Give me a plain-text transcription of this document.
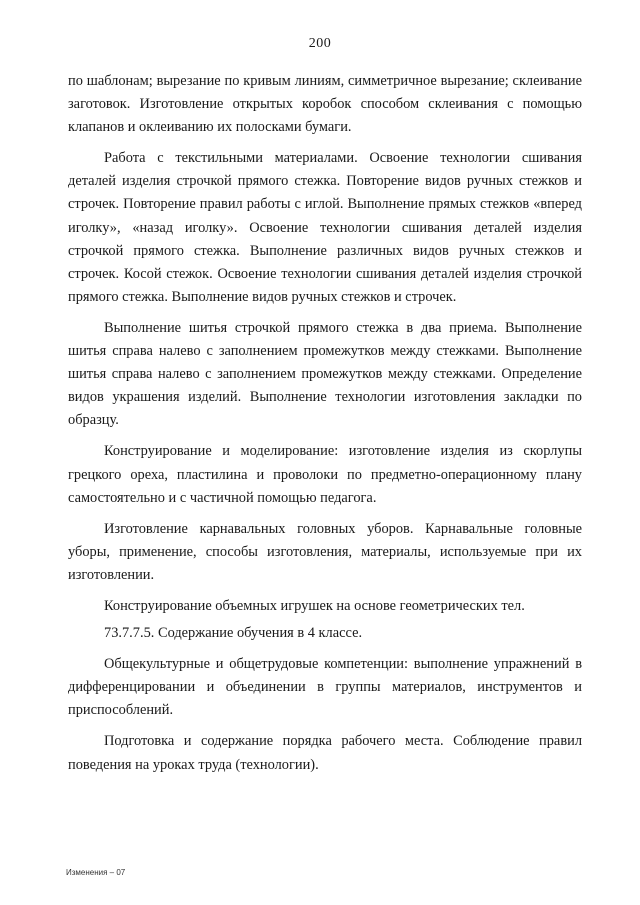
200

по шаблонам; вырезание по кривым линиям, симметричное вырезание; склеивание заготовок. Изготовление открытых коробок способом склеивания с помощью клапанов и оклеиванию их полосками бумаги.

Работа с текстильными материалами. Освоение технологии сшивания деталей изделия строчкой прямого стежка. Повторение видов ручных стежков и строчек. Повторение правил работы с иглой. Выполнение прямых стежков «вперед иголку», «назад иголку». Освоение технологии сшивания деталей изделия строчкой прямого стежка. Выполнение различных видов ручных стежков и строчек. Косой стежок. Освоение технологии сшивания деталей изделия строчкой прямого стежка. Выполнение видов ручных стежков и строчек.

Выполнение шитья строчкой прямого стежка в два приема. Выполнение шитья справа налево с заполнением промежутков между стежками. Выполнение шитья справа налево с заполнением промежутков между стежками. Определение видов украшения изделий. Выполнение технологии изготовления закладки по образцу.

Конструирование и моделирование: изготовление изделия из скорлупы грецкого ореха, пластилина и проволоки по предметно-операционному плану самостоятельно и с частичной помощью педагога.

Изготовление карнавальных головных уборов. Карнавальные головные уборы, применение, способы изготовления, материалы, используемые при их изготовлении.

Конструирование объемных игрушек на основе геометрических тел.

73.7.7.5. Содержание обучения в 4 классе.

Общекультурные и общетрудовые компетенции: выполнение упражнений в дифференцировании и объединении в группы материалов, инструментов и приспособлений.

Подготовка и содержание порядка рабочего места. Соблюдение правил поведения на уроках труда (технологии).

Изменения – 07
